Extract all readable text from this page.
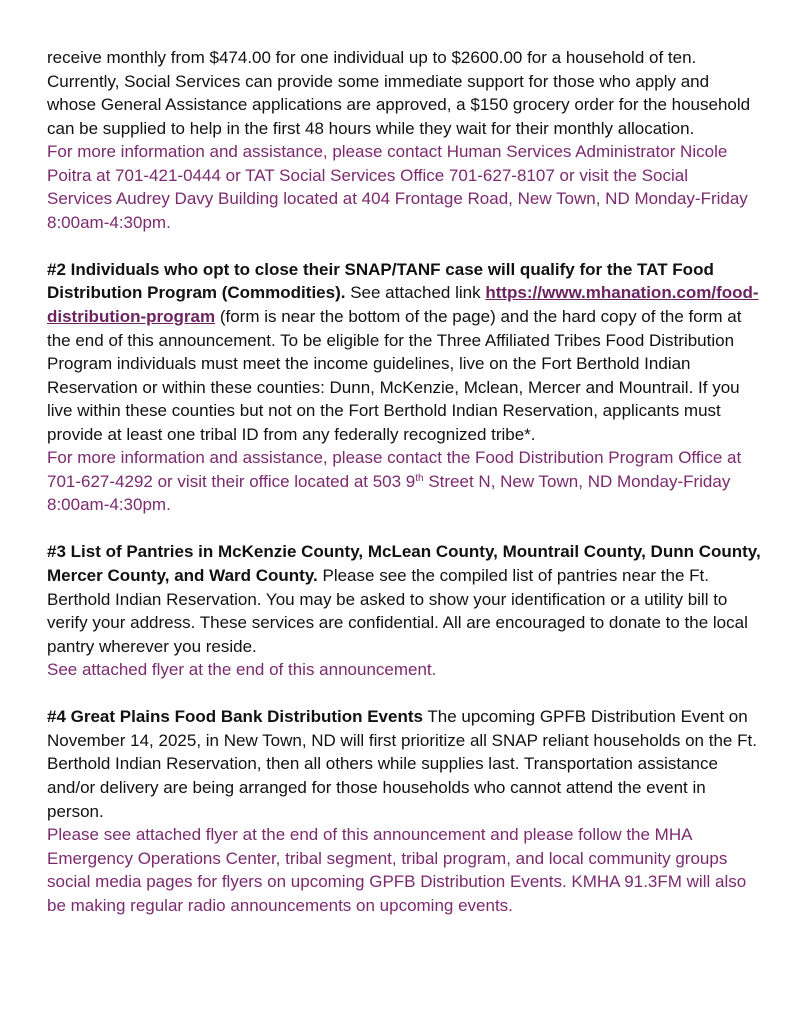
receive monthly from $474.00 for one individual up to $2600.00 for a household of ten.
Currently, Social Services can provide some immediate support for those who apply and
whose General Assistance applications are approved, a $150 grocery order for the household
can be supplied to help in the first 48 hours while they wait for their monthly allocation.
For more information and assistance, please contact Human Services Administrator Nicole
Poitra at 701-421-0444 or TAT Social Services Office 701-627-8107 or visit the Social
Services Audrey Davy Building located at 404 Frontage Road, New Town, ND Monday-Friday
8:00am-4:30pm.
#2 Individuals who opt to close their SNAP/TANF case will qualify for the TAT Food
Distribution Program (Commodities). See attached link https://www.mhanation.com/food-
distribution-program (form is near the bottom of the page) and the hard copy of the form at
the end of this announcement. To be eligible for the Three Affiliated Tribes Food Distribution
Program individuals must meet the income guidelines, live on the Fort Berthold Indian
Reservation or within these counties: Dunn, McKenzie, Mclean, Mercer and Mountrail. If you
live within these counties but not on the Fort Berthold Indian Reservation, applicants must
provide at least one tribal ID from any federally recognized tribe*.
For more information and assistance, please contact the Food Distribution Program Office at
701-627-4292 or visit their office located at 503 9th Street N, New Town, ND Monday-Friday
8:00am-4:30pm.
#3 List of Pantries in McKenzie County, McLean County, Mountrail County, Dunn County,
Mercer County, and Ward County. Please see the compiled list of pantries near the Ft.
Berthold Indian Reservation. You may be asked to show your identification or a utility bill to
verify your address. These services are confidential. All are encouraged to donate to the local
pantry wherever you reside.
See attached flyer at the end of this announcement.
#4 Great Plains Food Bank Distribution Events The upcoming GPFB Distribution Event on
November 14, 2025, in New Town, ND will first prioritize all SNAP reliant households on the Ft.
Berthold Indian Reservation, then all others while supplies last. Transportation assistance
and/or delivery are being arranged for those households who cannot attend the event in
person.
Please see attached flyer at the end of this announcement and please follow the MHA
Emergency Operations Center, tribal segment, tribal program, and local community groups
social media pages for flyers on upcoming GPFB Distribution Events. KMHA 91.3FM will also
be making regular radio announcements on upcoming events.
